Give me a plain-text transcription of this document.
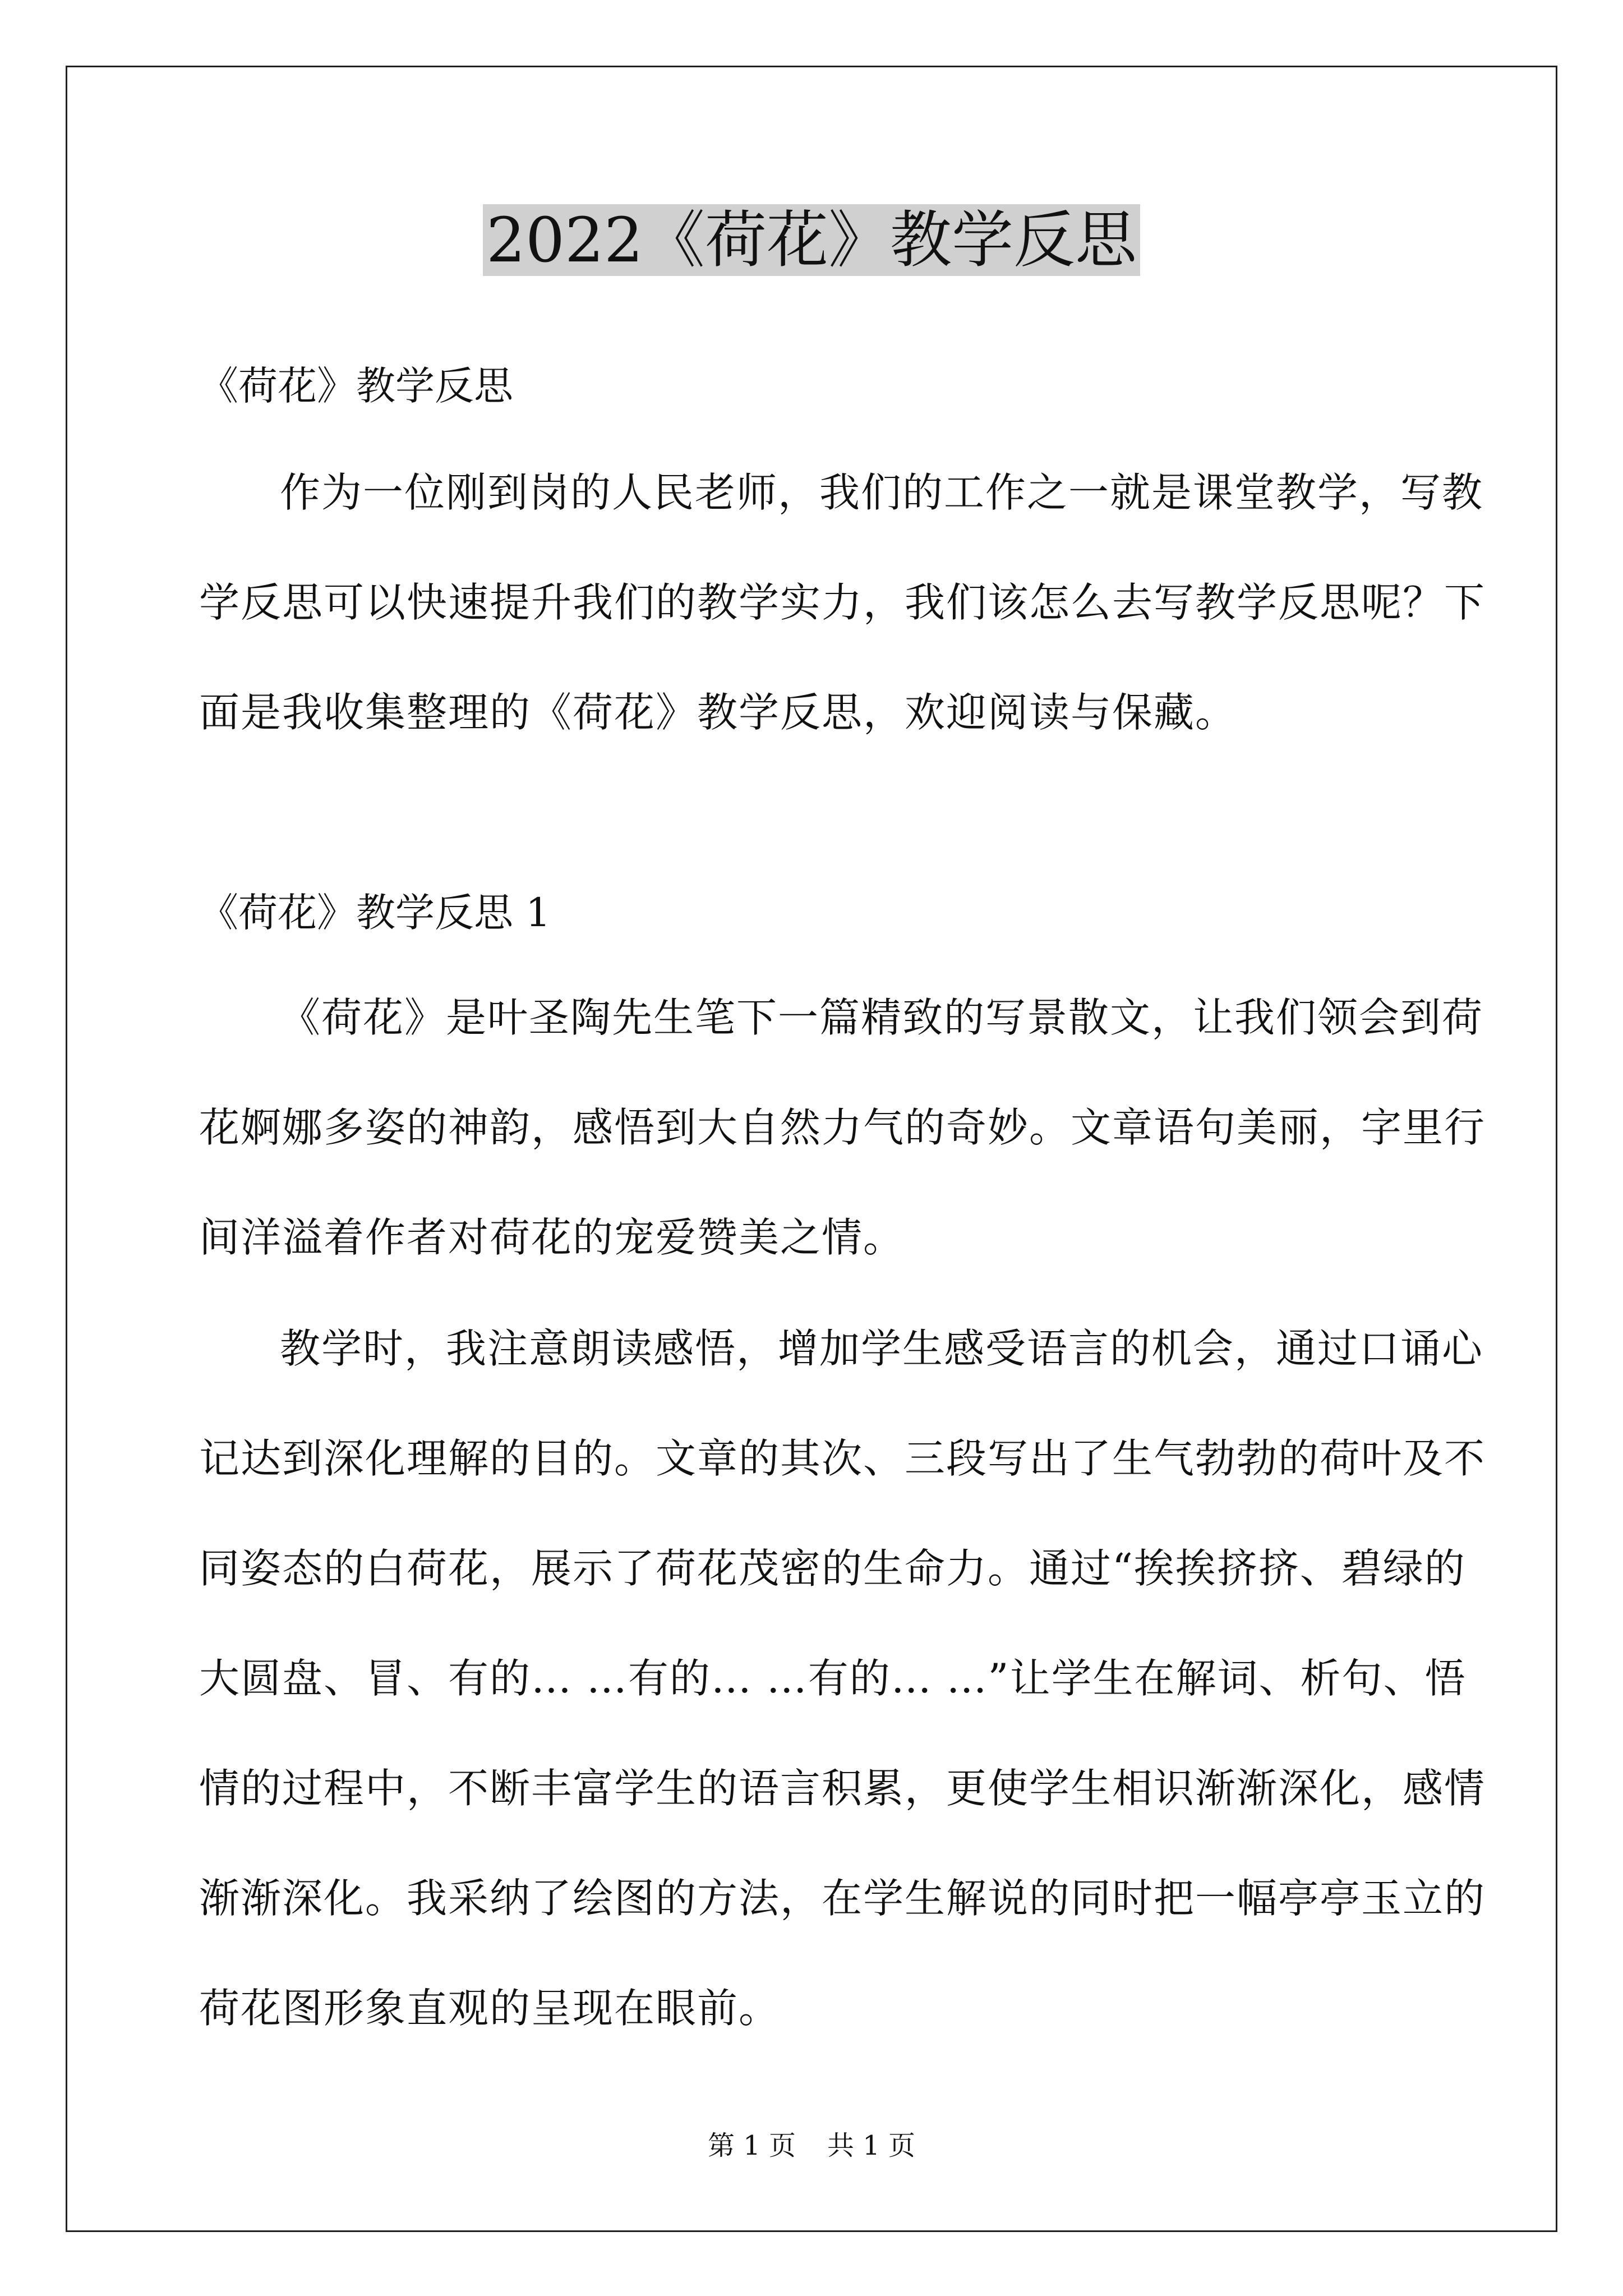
2022《荷花》教学反思
《荷花》教学反思

作为一位刚到岗的人民老师，我们的工作之一就是课堂教学，写教学反思可以快速提升我们的教学实力，我们该怎么去写教学反思呢？下面是我收集整理的《荷花》教学反思，欢迎阅读与保藏。

《荷花》教学反思 1

《荷花》是叶圣陶先生笔下一篇精致的写景散文，让我们领会到荷花婀娜多姿的神韵，感悟到大自然力气的奇妙。文章语句美丽，字里行间洋溢着作者对荷花的宠爱赞美之情。

教学时，我注意朗读感悟，增加学生感受语言的机会，通过口诵心记达到深化理解的目的。文章的其次、三段写出了生气勃勃的荷叶及不同姿态的白荷花，展示了荷花茂密的生命力。通过“挨挨挤挤、碧绿的大圆盘、冒、有的… …有的… …有的… …”让学生在解词、析句、悟情的过程中，不断丰富学生的语言积累，更使学生相识渐渐深化，感情渐渐深化。我采纳了绘图的方法，在学生解说的同时把一幅亭亭玉立的荷花图形象直观的呈现在眼前。

第 1 页 共 1 页
